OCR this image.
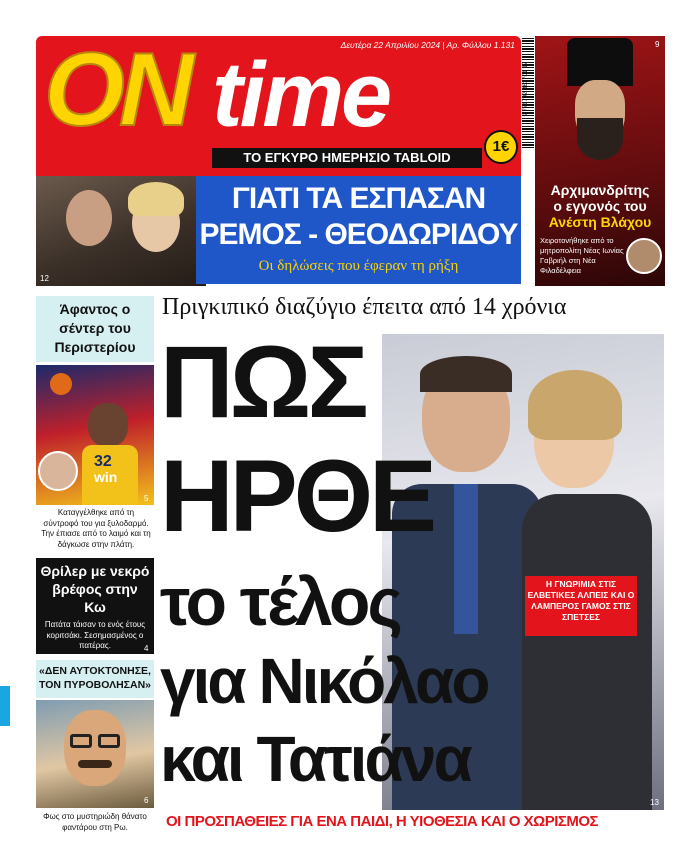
ON time
Δευτέρα 22 Απριλίου 2024 | Αρ. Φύλλου 1.131
ΤΟ ΕΓΚΥΡΟ ΗΜΕΡΗΣΙΟ TABLOID
1€
9 771792 863701 17
12
ΓΙΑΤΙ ΤΑ ΕΣΠΑΣΑΝ
ΡΕΜΟΣ - ΘΕΟΔΩΡΙΔΟΥ
Οι δηλώσεις που έφεραν τη ρήξη
9
Αρχιμανδρίτης
ο εγγονός του
Ανέστη Βλάχου
Χειροτονήθηκε από το μητροπολίτη Νέας Ιωνίας Γαβριήλ στη Νέα Φιλαδέλφεια
Πριγκιπικό διαζύγιο έπειτα από 14 χρόνια
13
Η ΓΝΩΡΙΜΙΑ ΣΤΙΣ ΕΛΒΕΤΙΚΕΣ ΑΛΠΕΙΣ ΚΑΙ Ο ΛΑΜΠΕΡΟΣ ΓΑΜΟΣ ΣΤΙΣ ΣΠΕΤΣΕΣ
ΠΩΣ
ΗΡΘΕ
το τέλος
για Νικόλαο
και Τατιάνα
ΟΙ ΠΡΟΣΠΑΘΕΙΕΣ ΓΙΑ ΕΝΑ ΠΑΙΔΙ, Η ΥΙΟΘΕΣΙΑ ΚΑΙ Ο ΧΩΡΙΣΜΟΣ
Άφαντος ο σέντερ του Περιστερίου
32
win
5
Καταγγέλθηκε από τη σύντροφό του για ξυλοδαρμό. Την έπιασε από το λαιμό και τη δάγκωσε στην πλάτη.
Θρίλερ με νεκρό βρέφος στην Κω
Πατάτα τάισαν το ενός έτους κοριτσάκι. Σεσημασμένος ο πατέρας.	4
«ΔΕΝ ΑΥΤΟΚΤΟΝΗΣΕ, ΤΟΝ ΠΥΡΟΒΟΛΗΣΑΝ»
6
Φως στο μυστηριώδη θάνατο φαντάρου στη Ρω.
